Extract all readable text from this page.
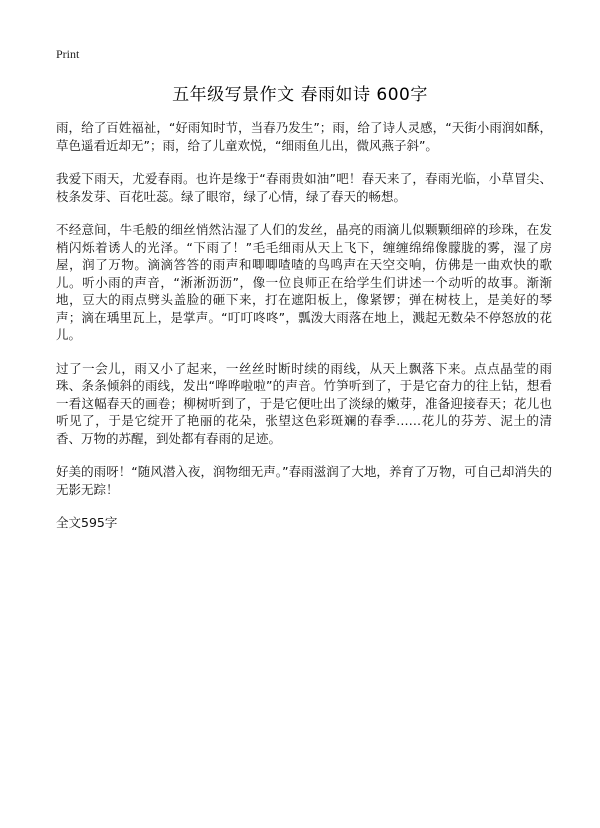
Print
五年级写景作文 春雨如诗 600字

雨，给了百姓福祉，“好雨知时节，当春乃发生”；雨，给了诗人灵感，“天街小雨润如酥，草色遥看近却无”；雨，给了儿童欢悦，“细雨鱼儿出，微风燕子斜”。

我爱下雨天，尤爱春雨。也许是缘于“春雨贵如油”吧！春天来了，春雨光临，小草冒尖、枝条发芽、百花吐蕊。绿了眼帘，绿了心情，绿了春天的畅想。

不经意间，牛毛般的细丝悄然沾湿了人们的发丝，晶亮的雨滴儿似颗颗细碎的珍珠，在发梢闪烁着诱人的光泽。“下雨了！”毛毛细雨从天上飞下，缠缠绵绵像朦胧的雾，湿了房屋，润了万物。滴滴答答的雨声和唧唧喳喳的鸟鸣声在天空交响，仿佛是一曲欢快的歌儿。听小雨的声音，“淅淅沥沥”，像一位良师正在给学生们讲述一个动听的故事。渐渐地，豆大的雨点劈头盖脸的砸下来，打在遮阳板上，像紧锣；弹在树枝上，是美好的琴声；滴在瑀里瓦上，是掌声。“叮叮咚咚”，瓢泼大雨落在地上，溅起无数朵不停怒放的花儿。

过了一会儿，雨又小了起来，一丝丝时断时续的雨线，从天上飘落下来。点点晶莹的雨珠、条条倾斜的雨线，发出“哗哗啦啦”的声音。竹笋听到了，于是它奋力的往上钻，想看一看这幅春天的画卷；柳树听到了，于是它便吐出了淡绿的嫩芽，准备迎接春天；花儿也听见了，于是它绽开了艳丽的花朵，张望这色彩斑斓的春季……花儿的芬芳、泥土的清香、万物的苏醒，到处都有春雨的足迹。

好美的雨呀！“随风潜入夜，润物细无声。”春雨滋润了大地，养育了万物，可自己却消失的无影无踪！

全文595字
